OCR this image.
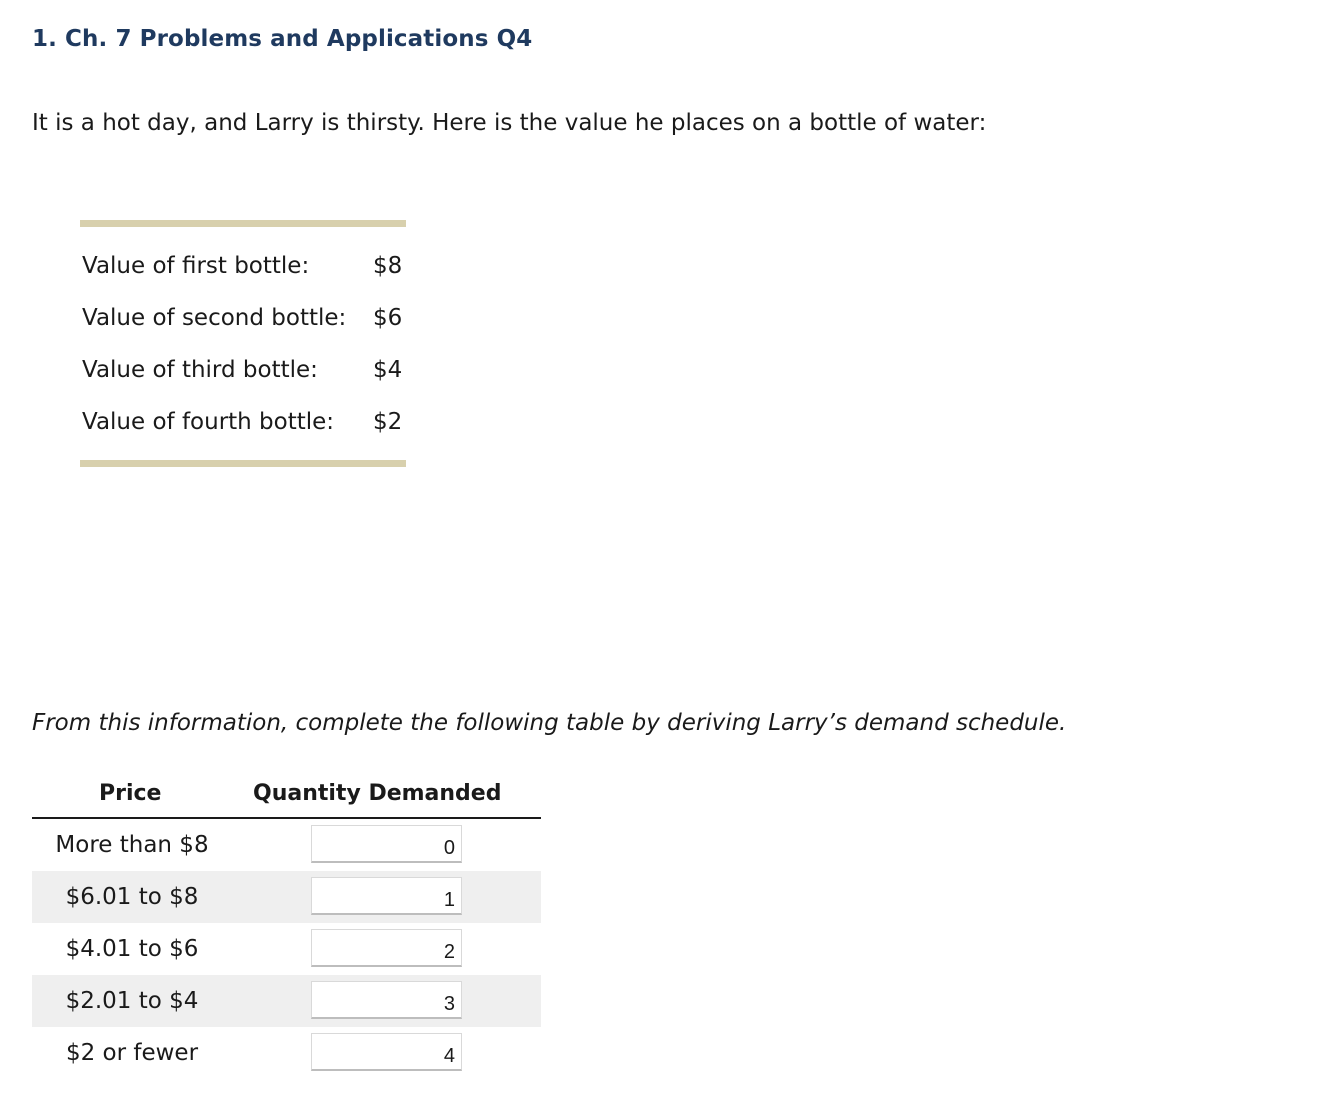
1. Ch. 7 Problems and Applications Q4

It is a hot day, and Larry is thirsty. Here is the value he places on a bottle of water:

Value of first bottle:	$8
Value of second bottle: $6
Value of third bottle: $4
Value of fourth bottle: $2

From this information, complete the following table by deriving Larry’s demand schedule.

Price	Quantity Demanded
More than $8	0
$6.01 to $8	1
$4.01 to $6	2
$2.01 to $4	3
$2 or fewer	4
